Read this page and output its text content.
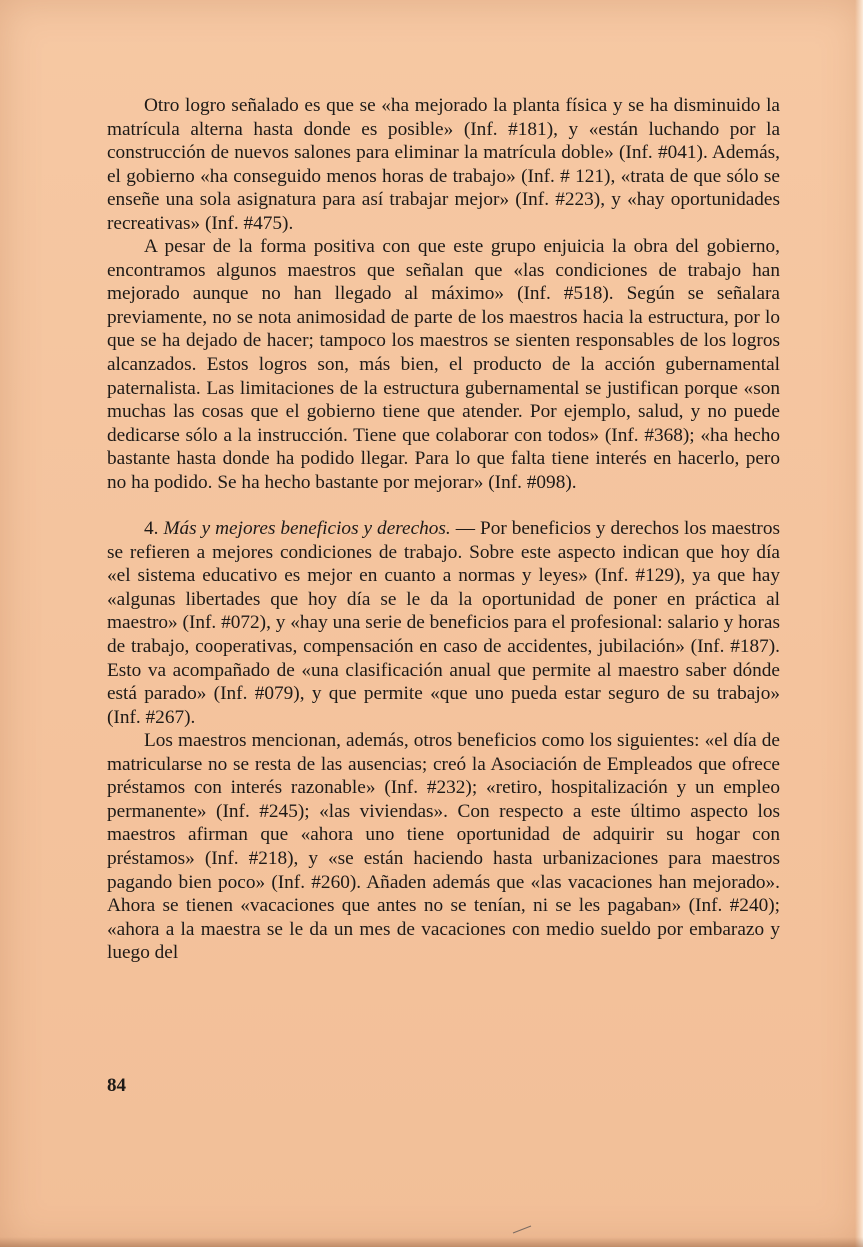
Otro logro señalado es que se «ha mejorado la planta física y se ha disminuido la matrícula alterna hasta donde es posible» (Inf. #181), y «están luchando por la construcción de nuevos salones para eliminar la matrícula doble» (Inf. #041). Además, el gobierno «ha conseguido menos horas de trabajo» (Inf. # 121), «trata de que sólo se enseñe una sola asignatura para así trabajar mejor» (Inf. #223), y «hay oportunidades recreativas» (Inf. #475).

A pesar de la forma positiva con que este grupo enjuicia la obra del gobierno, encontramos algunos maestros que señalan que «las condiciones de trabajo han mejorado aunque no han llegado al máximo» (Inf. #518). Según se señalara previamente, no se nota animosidad de parte de los maestros hacia la estructura, por lo que se ha dejado de hacer; tampoco los maestros se sienten responsables de los logros alcanzados. Estos logros son, más bien, el producto de la acción gubernamental paternalista. Las limitaciones de la estructura gubernamental se justifican porque «son muchas las cosas que el gobierno tiene que atender. Por ejemplo, salud, y no puede dedicarse sólo a la instrucción. Tiene que colaborar con todos» (Inf. #368); «ha hecho bastante hasta donde ha podido llegar. Para lo que falta tiene interés en hacerlo, pero no ha podido. Se ha hecho bastante por mejorar» (Inf. #098).

4. Más y mejores beneficios y derechos. — Por beneficios y derechos los maestros se refieren a mejores condiciones de trabajo. Sobre este aspecto indican que hoy día «el sistema educativo es mejor en cuanto a normas y leyes» (Inf. #129), ya que hay «algunas libertades que hoy día se le da la oportunidad de poner en práctica al maestro» (Inf. #072), y «hay una serie de beneficios para el profesional: salario y horas de trabajo, cooperativas, compensación en caso de accidentes, jubilación» (Inf. #187). Esto va acompañado de «una clasificación anual que permite al maestro saber dónde está parado» (Inf. #079), y que permite «que uno pueda estar seguro de su trabajo» (Inf. #267).

Los maestros mencionan, además, otros beneficios como los siguientes: «el día de matricularse no se resta de las ausencias; creó la Asociación de Empleados que ofrece préstamos con interés razonable» (Inf. #232); «retiro, hospitalización y un empleo permanente» (Inf. #245); «las viviendas». Con respecto a este último aspecto los maestros afirman que «ahora uno tiene oportunidad de adquirir su hogar con préstamos» (Inf. #218), y «se están haciendo hasta urbanizaciones para maestros pagando bien poco» (Inf. #260). Añaden además que «las vacaciones han mejorado». Ahora se tienen «vacaciones que antes no se tenían, ni se les pagaban» (Inf. #240); «ahora a la maestra se le da un mes de vacaciones con medio sueldo por embarazo y luego del

84
